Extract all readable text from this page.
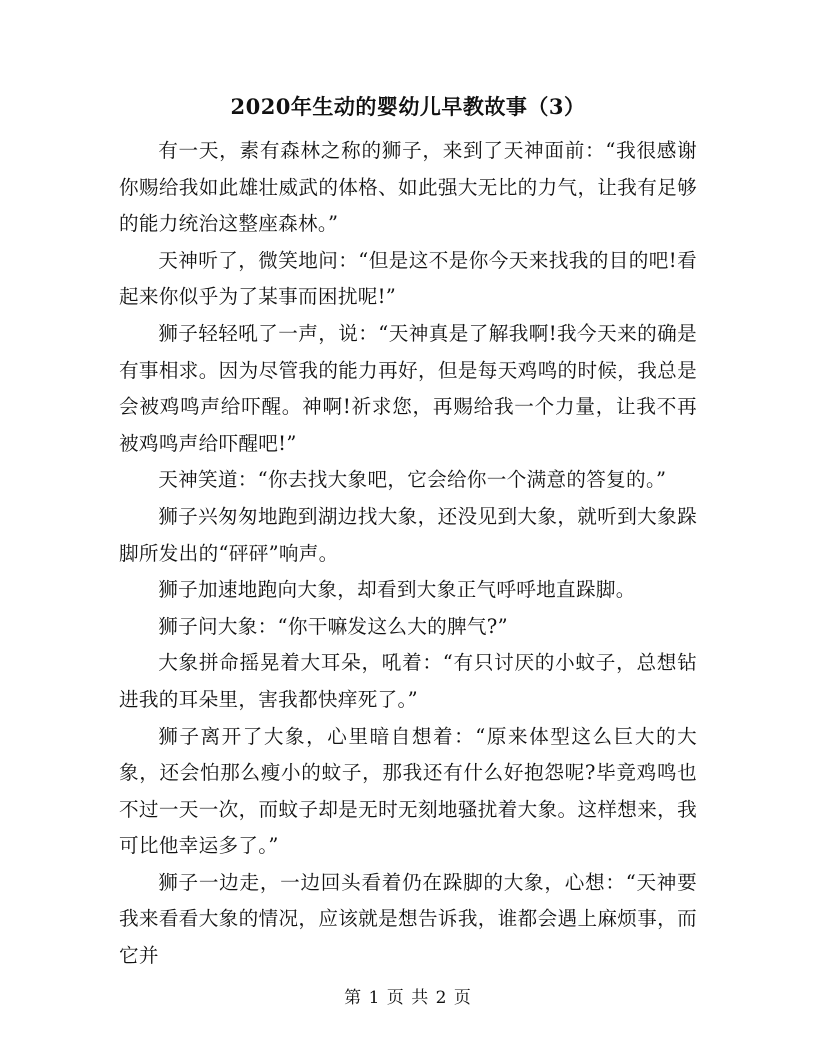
2020年生动的婴幼儿早教故事（3）

有一天，素有森林之称的狮子，来到了天神面前：“我很感谢你赐给我如此雄壮威武的体格、如此强大无比的力气，让我有足够的能力统治这整座森林。”

天神听了，微笑地问：“但是这不是你今天来找我的目的吧!看起来你似乎为了某事而困扰呢!”

狮子轻轻吼了一声，说：“天神真是了解我啊!我今天来的确是有事相求。因为尽管我的能力再好，但是每天鸡鸣的时候，我总是会被鸡鸣声给吓醒。神啊!祈求您，再赐给我一个力量，让我不再被鸡鸣声给吓醒吧!”

天神笑道：“你去找大象吧，它会给你一个满意的答复的。”

狮子兴匆匆地跑到湖边找大象，还没见到大象，就听到大象跺脚所发出的“砰砰”响声。

狮子加速地跑向大象，却看到大象正气呼呼地直跺脚。

狮子问大象：“你干嘛发这么大的脾气?”

大象拼命摇晃着大耳朵，吼着：“有只讨厌的小蚊子，总想钻进我的耳朵里，害我都快痒死了。”

狮子离开了大象，心里暗自想着：“原来体型这么巨大的大象，还会怕那么瘦小的蚊子，那我还有什么好抱怨呢?毕竟鸡鸣也不过一天一次，而蚊子却是无时无刻地骚扰着大象。这样想来，我可比他幸运多了。”

狮子一边走，一边回头看着仍在跺脚的大象，心想：“天神要我来看看大象的情况，应该就是想告诉我，谁都会遇上麻烦事，而它并

第 1 页 共 2 页
